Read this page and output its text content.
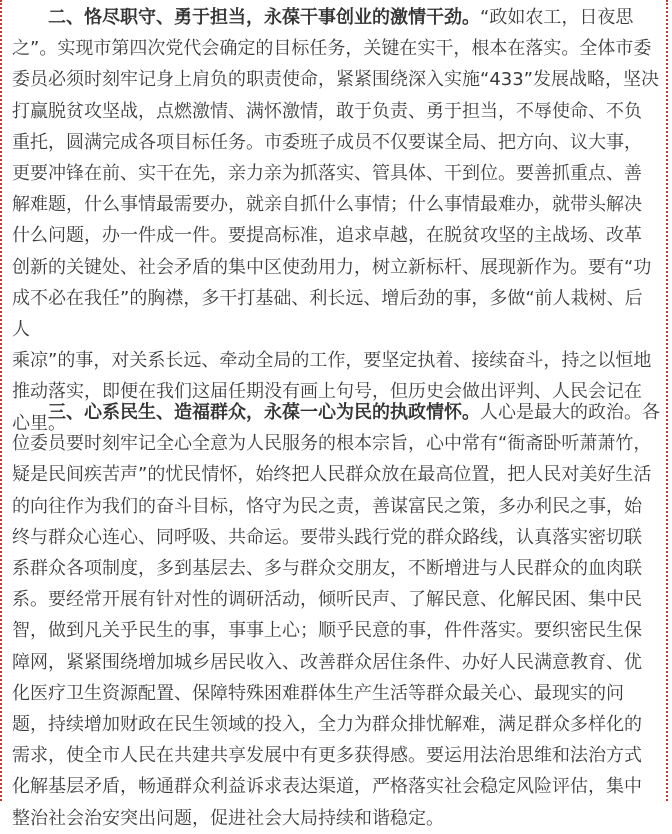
二、恪尽职守、勇于担当，永葆干事创业的激情干劲。“政如农工，日夜思
之”。实现市第四次党代会确定的目标任务，关键在实干，根本在落实。全体市委
委员必须时刻牢记身上肩负的职责使命，紧紧围绕深入实施“433”发展战略，坚决
打赢脱贫攻坚战，点燃激情、满怀激情，敢于负责、勇于担当，不辱使命、不负
重托，圆满完成各项目标任务。市委班子成员不仅要谋全局、把方向、议大事，
更要冲锋在前、实干在先，亲力亲为抓落实、管具体、干到位。要善抓重点、善
解难题，什么事情最需要办，就亲自抓什么事情；什么事情最难办，就带头解决
什么问题，办一件成一件。要提高标准，追求卓越，在脱贫攻坚的主战场、改革
创新的关键处、社会矛盾的集中区使劲用力，树立新标杆、展现新作为。要有“功
成不必在我任”的胸襟，多干打基础、利长远、增后劲的事，多做“前人栽树、后人
乘凉”的事，对关系长远、牵动全局的工作，要坚定执着、接续奋斗，持之以恒地
推动落实，即便在我们这届任期没有画上句号，但历史会做出评判、人民会记在
心里。
三、心系民生、造福群众，永葆一心为民的执政情怀。人心是最大的政治。各
位委员要时刻牢记全心全意为人民服务的根本宗旨，心中常有“衙斋卧听萧萧竹，
疑是民间疾苦声”的忧民情怀，始终把人民群众放在最高位置，把人民对美好生活
的向往作为我们的奋斗目标，恪守为民之责，善谋富民之策，多办利民之事，始
终与群众心连心、同呼吸、共命运。要带头践行党的群众路线，认真落实密切联
系群众各项制度，多到基层去、多与群众交朋友，不断增进与人民群众的血肉联
系。要经常开展有针对性的调研活动，倾听民声、了解民意、化解民困、集中民
智，做到凡关乎民生的事，事事上心；顺乎民意的事，件件落实。要织密民生保
障网，紧紧围绕增加城乡居民收入、改善群众居住条件、办好人民满意教育、优
化医疗卫生资源配置、保障特殊困难群体生产生活等群众最关心、最现实的问
题，持续增加财政在民生领域的投入，全力为群众排忧解难，满足群众多样化的
需求，使全市人民在共建共享发展中有更多获得感。要运用法治思维和法治方式
化解基层矛盾，畅通群众利益诉求表达渠道，严格落实社会稳定风险评估，集中
整治社会治安突出问题，促进社会大局持续和谐稳定。
